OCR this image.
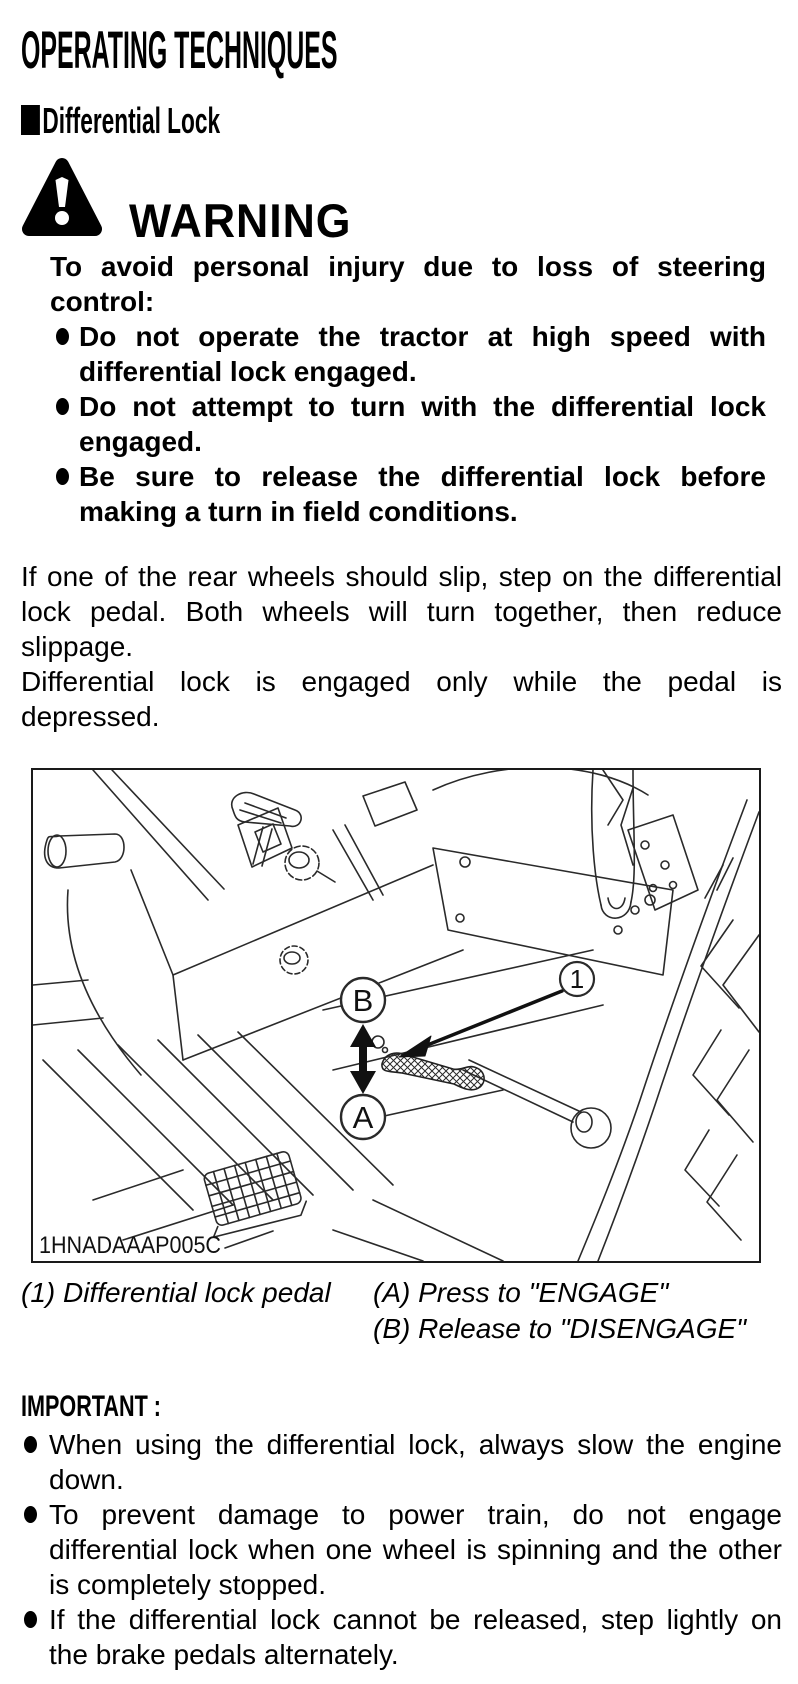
OPERATING TECHNIQUES
Differential Lock
WARNING

To avoid personal injury due to loss of steering control:

Do not operate the tractor at high speed with differential lock engaged.
Do not attempt to turn with the differential lock engaged.
Be sure to release the differential lock before making a turn in field conditions.

If one of the rear wheels should slip, step on the differential lock pedal. Both wheels will turn together, then reduce slippage.

Differential lock is engaged only while the pedal is depressed.

B
A
1
1HNADAAAP005C
(1) Differential lock pedal	(A) Press to "ENGAGE"
(B) Release to "DISENGAGE"
IMPORTANT :
When using the differential lock, always slow the engine down.
To prevent damage to power train, do not engage differential lock when one wheel is spinning and the other is completely stopped.
If the differential lock cannot be released, step lightly on the brake pedals alternately.
